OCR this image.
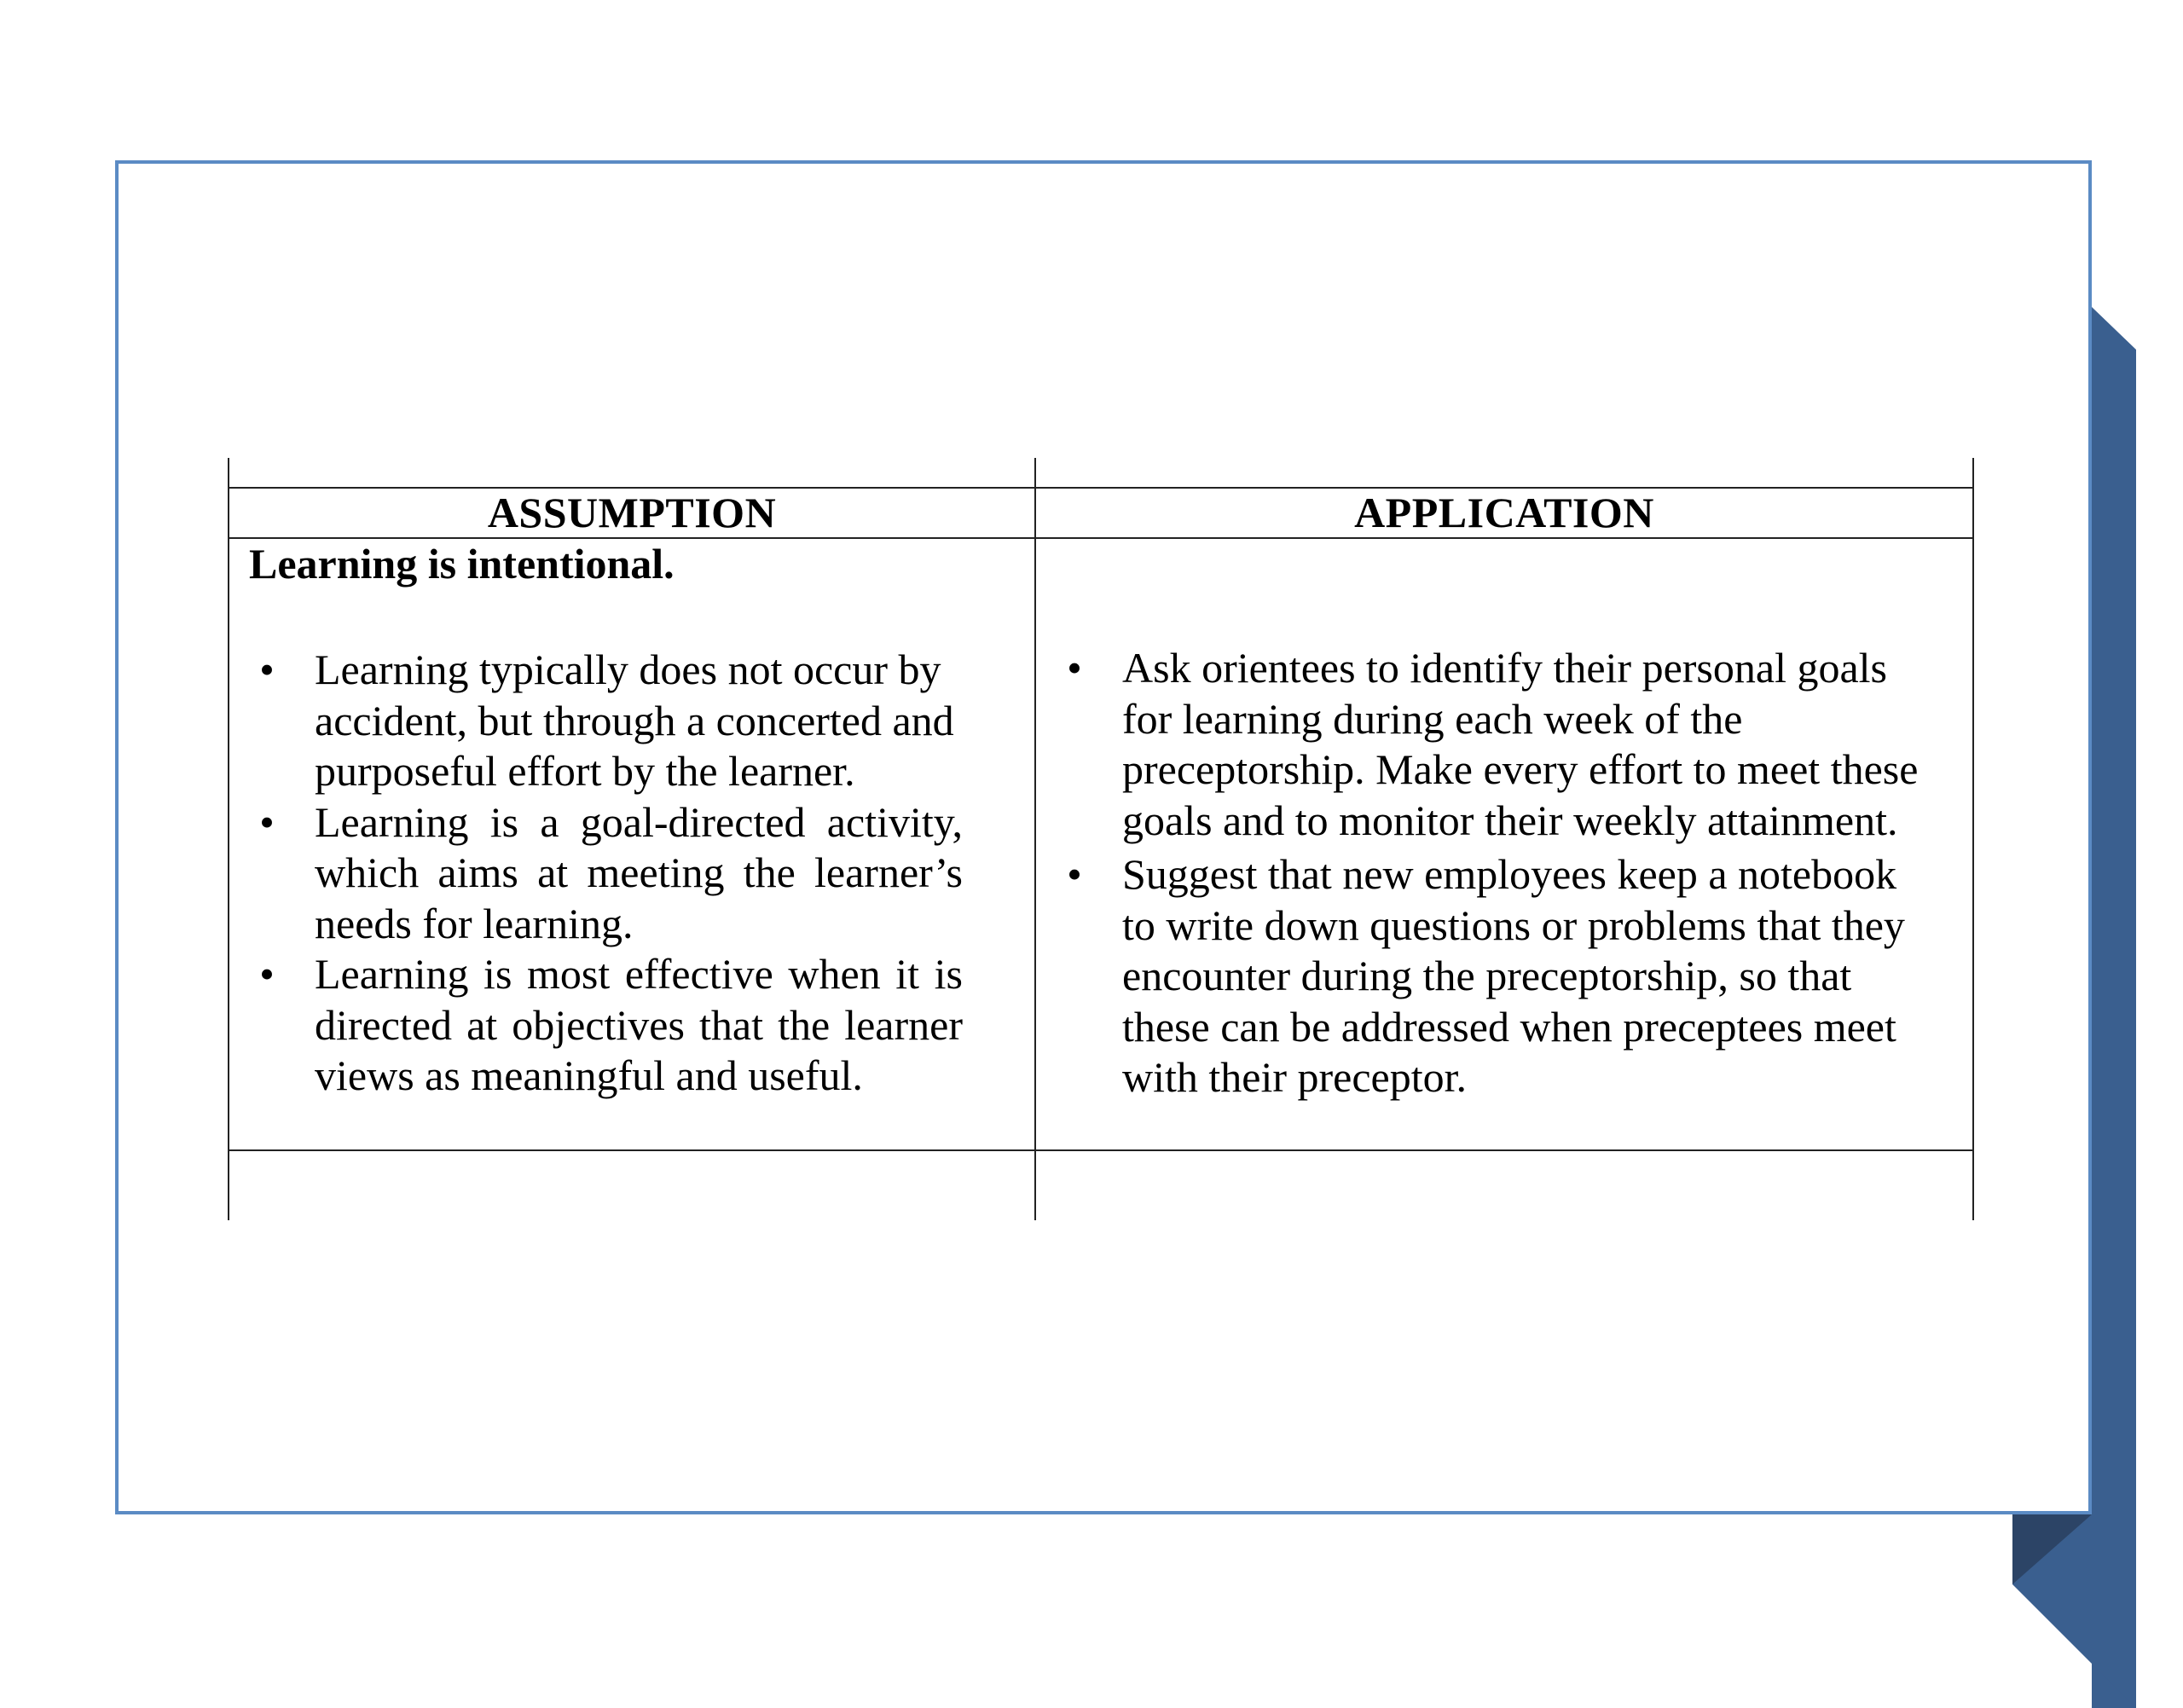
ASSUMPTION	APPLICATION
Learning is intentional.
• Learning typically does not occur by accident, but through a concerted and purposeful effort by the learner.
• Learning is a goal-directed activity, which aims at meeting the learner’s needs for learning.
• Learning is most effective when it is directed at objectives that the learner views as meaningful and useful.
• Ask orientees to identify their personal goals for learning during each week of the preceptorship. Make every effort to meet these goals and to monitor their weekly attainment.
• Suggest that new employees keep a notebook to write down questions or problems that they encounter during the preceptorship, so that these can be addressed when preceptees meet with their preceptor.
